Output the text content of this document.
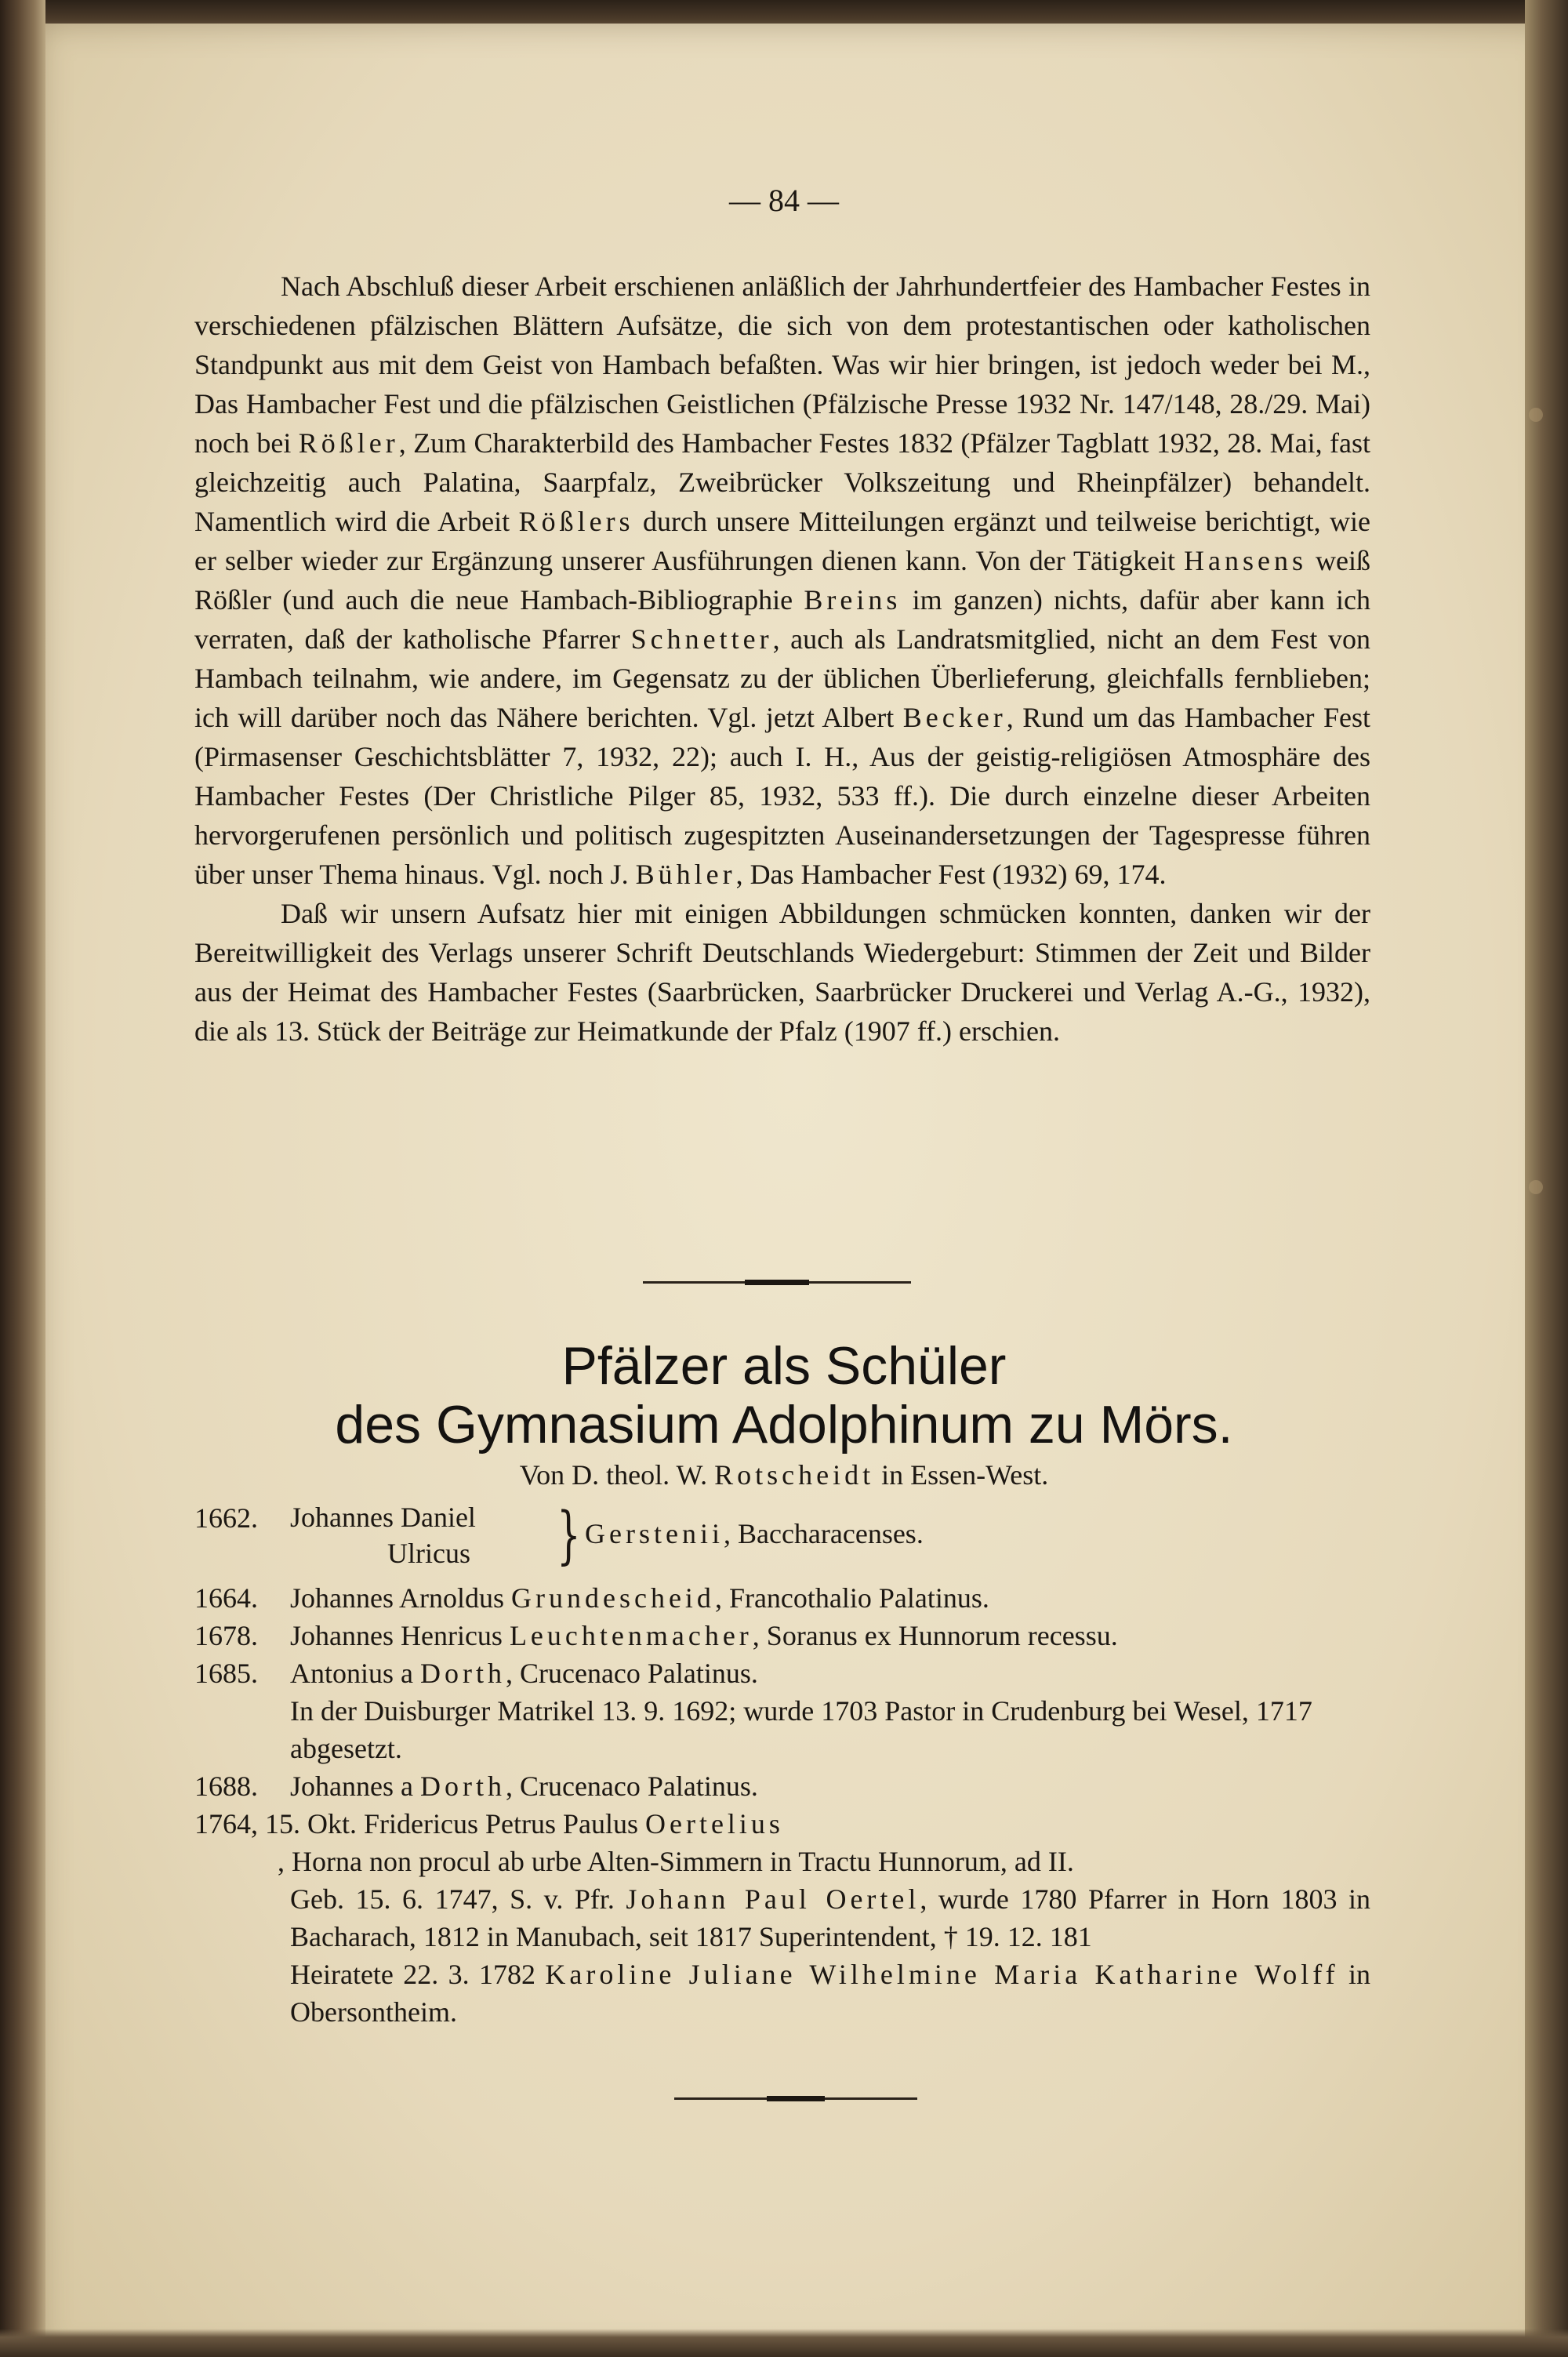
— 84 —

Nach Abschluß dieser Arbeit erschienen anläßlich der Jahrhundertfeier des Hambacher Festes in verschiedenen pfälzischen Blättern Aufsätze, die sich von dem protestantischen oder katholischen Standpunkt aus mit dem Geist von Hambach befaßten. Was wir hier bringen, ist jedoch weder bei M., Das Hambacher Fest und die pfälzischen Geistlichen (Pfälzische Presse 1932 Nr. 147/148, 28./29. Mai) noch bei Rößler, Zum Charakterbild des Hambacher Festes 1832 (Pfälzer Tagblatt 1932, 28. Mai, fast gleichzeitig auch Palatina, Saarpfalz, Zweibrücker Volkszeitung und Rheinpfälzer) behandelt. Namentlich wird die Arbeit Rößlers durch unsere Mitteilungen ergänzt und teilweise berichtigt, wie er selber wieder zur Ergänzung unserer Ausführungen dienen kann. Von der Tätigkeit Hansens weiß Rößler (und auch die neue Hambach-Bibliographie Breins im ganzen) nichts, dafür aber kann ich verraten, daß der katholische Pfarrer Schnetter, auch als Landratsmitglied, nicht an dem Fest von Hambach teilnahm, wie andere, im Gegensatz zu der üblichen Überlieferung, gleichfalls fernblieben; ich will darüber noch das Nähere berichten. Vgl. jetzt Albert Becker, Rund um das Hambacher Fest (Pirmasenser Geschichtsblätter 7, 1932, 22); auch I. H., Aus der geistig-religiösen Atmosphäre des Hambacher Festes (Der Christliche Pilger 85, 1932, 533 ff.). Die durch einzelne dieser Arbeiten hervorgerufenen persönlich und politisch zugespitzten Auseinandersetzungen der Tagespresse führen über unser Thema hinaus. Vgl. noch J. Bühler, Das Hambacher Fest (1932) 69, 174.

Daß wir unsern Aufsatz hier mit einigen Abbildungen schmücken konnten, danken wir der Bereitwilligkeit des Verlags unserer Schrift Deutschlands Wiedergeburt: Stimmen der Zeit und Bilder aus der Heimat des Hambacher Festes (Saarbrücken, Saarbrücker Druckerei und Verlag A.-G., 1932), die als 13. Stück der Beiträge zur Heimatkunde der Pfalz (1907 ff.) erschien.

Pfälzer als Schüler
des Gymnasium Adolphinum zu Mörs.
Von D. theol. W. Rotscheidt in Essen-West.
1662. Johannes Daniel
Ulricus } Gerstenii, Baccharacenses.

1664. Johannes Arnoldus Grundescheid, Francothalio Palatinus.

1678. Johannes Henricus Leuchtenmacher, Soranus ex Hunnorum recessu.

1685. Antonius a Dorth, Crucenaco Palatinus.

In der Duisburger Matrikel 13. 9. 1692; wurde 1703 Pastor in Crudenburg bei Wesel, 1717 abgesetzt.

1688. Johannes a Dorth, Crucenaco Palatinus.

1764, 15. Okt. Fridericus Petrus Paulus Oertelius

, Horna non procul ab urbe Alten-Simmern in Tractu Hunnorum, ad II.

Geb. 15. 6. 1747, S. v. Pfr. Johann Paul Oertel, wurde 1780 Pfarrer in Horn 1803 in Bacharach, 1812 in Manubach, seit 1817 Superintendent, † 19. 12. 181

Heiratete 22. 3. 1782 Karoline Juliane Wilhelmine Maria Katharine Wolff in Obersontheim.
